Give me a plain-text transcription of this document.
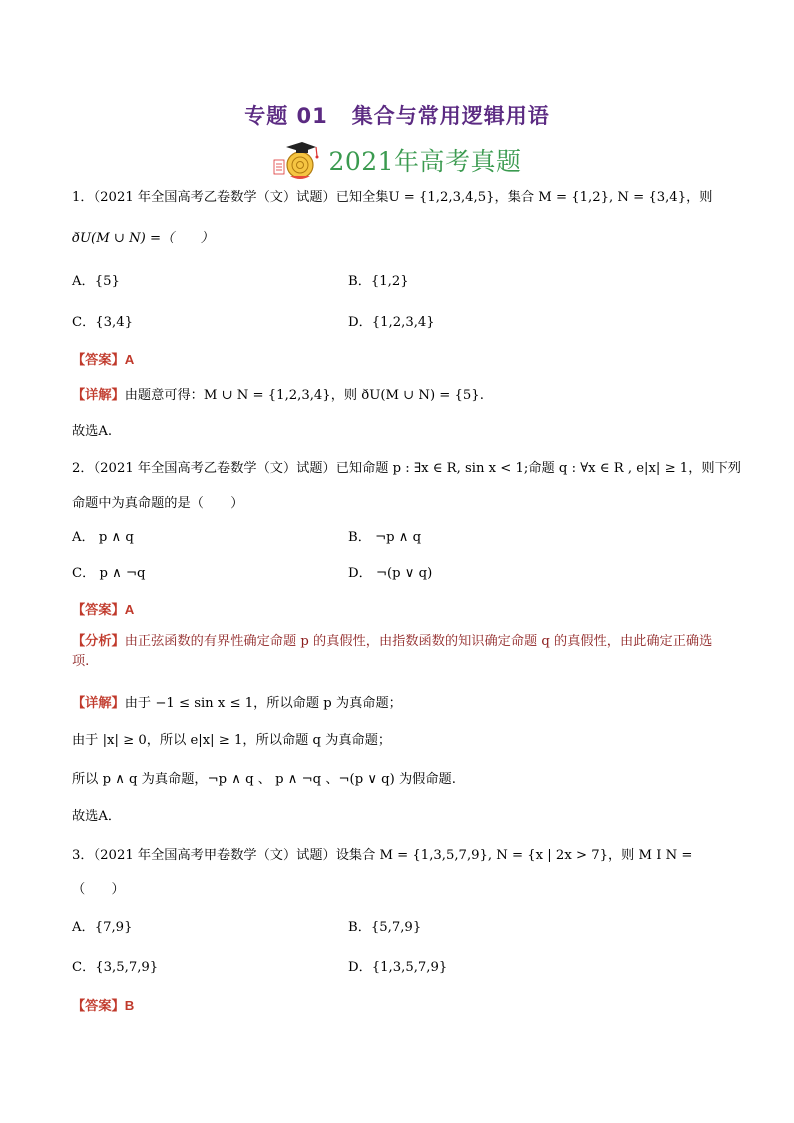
专题 01 集合与常用逻辑用语
2021年高考真题
1．（2021 年全国高考乙卷数学（文）试题）已知全集U = {1,2,3,4,5}，集合 M = {1,2}, N = {3,4}，则
ðU(M ∪ N) =（　　）
A．{5}	B．{1,2}
C．{3,4}	D．{1,2,3,4}
【答案】A
【详解】由题意可得：M ∪ N = {1,2,3,4}，则 ðU(M ∪ N) = {5}.
故选A.
2．（2021 年全国高考乙卷数学（文）试题）已知命题 p : ∃x ∈ R, sin x < 1;命题 q : ∀x ∈ R , e|x| ≥ 1，则下列
命题中为真命题的是（　　）
A． p ∧ q	B． ¬p ∧ q
C． p ∧ ¬q	D． ¬(p ∨ q)
【答案】A
【分析】由正弦函数的有界性确定命题 p 的真假性，由指数函数的知识确定命题 q 的真假性，由此确定正确选项.
【详解】由于 −1 ≤ sin x ≤ 1，所以命题 p 为真命题；
由于 |x| ≥ 0，所以 e|x| ≥ 1，所以命题 q 为真命题；
所以 p ∧ q 为真命题，¬p ∧ q 、 p ∧ ¬q 、¬(p ∨ q) 为假命题.
故选A．
3．（2021 年全国高考甲卷数学（文）试题）设集合 M = {1,3,5,7,9}, N = {x | 2x > 7}，则 M I N =
（　　）
A．{7,9}	B．{5,7,9}
C．{3,5,7,9}	D．{1,3,5,7,9}
【答案】B
